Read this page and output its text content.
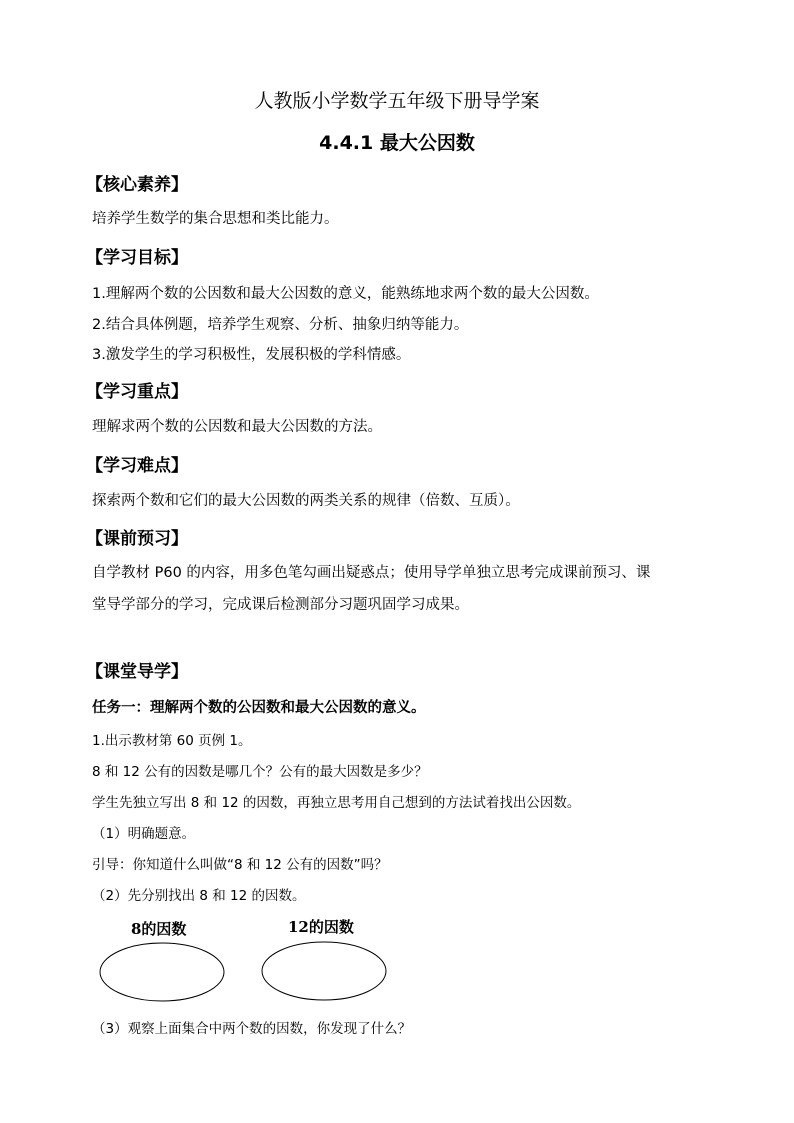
人教版小学数学五年级下册导学案
4.4.1 最大公因数
【核心素养】
培养学生数学的集合思想和类比能力。
【学习目标】
1.理解两个数的公因数和最大公因数的意义，能熟练地求两个数的最大公因数。
2.结合具体例题，培养学生观察、分析、抽象归纳等能力。
3.激发学生的学习积极性，发展积极的学科情感。
【学习重点】
理解求两个数的公因数和最大公因数的方法。
【学习难点】
探索两个数和它们的最大公因数的两类关系的规律（倍数、互质）。
【课前预习】
自学教材 P60 的内容，用多色笔勾画出疑惑点；使用导学单独立思考完成课前预习、课
堂导学部分的学习，完成课后检测部分习题巩固学习成果。
【课堂导学】
任务一：理解两个数的公因数和最大公因数的意义。
1.出示教材第 60 页例 1。
8 和 12 公有的因数是哪几个？公有的最大因数是多少？
学生先独立写出 8 和 12 的因数，再独立思考用自己想到的方法试着找出公因数。
（1）明确题意。
引导：你知道什么叫做“8 和 12 公有的因数”吗？
（2）先分别找出 8 和 12 的因数。
8的因数	12的因数
（3）观察上面集合中两个数的因数，你发现了什么？
